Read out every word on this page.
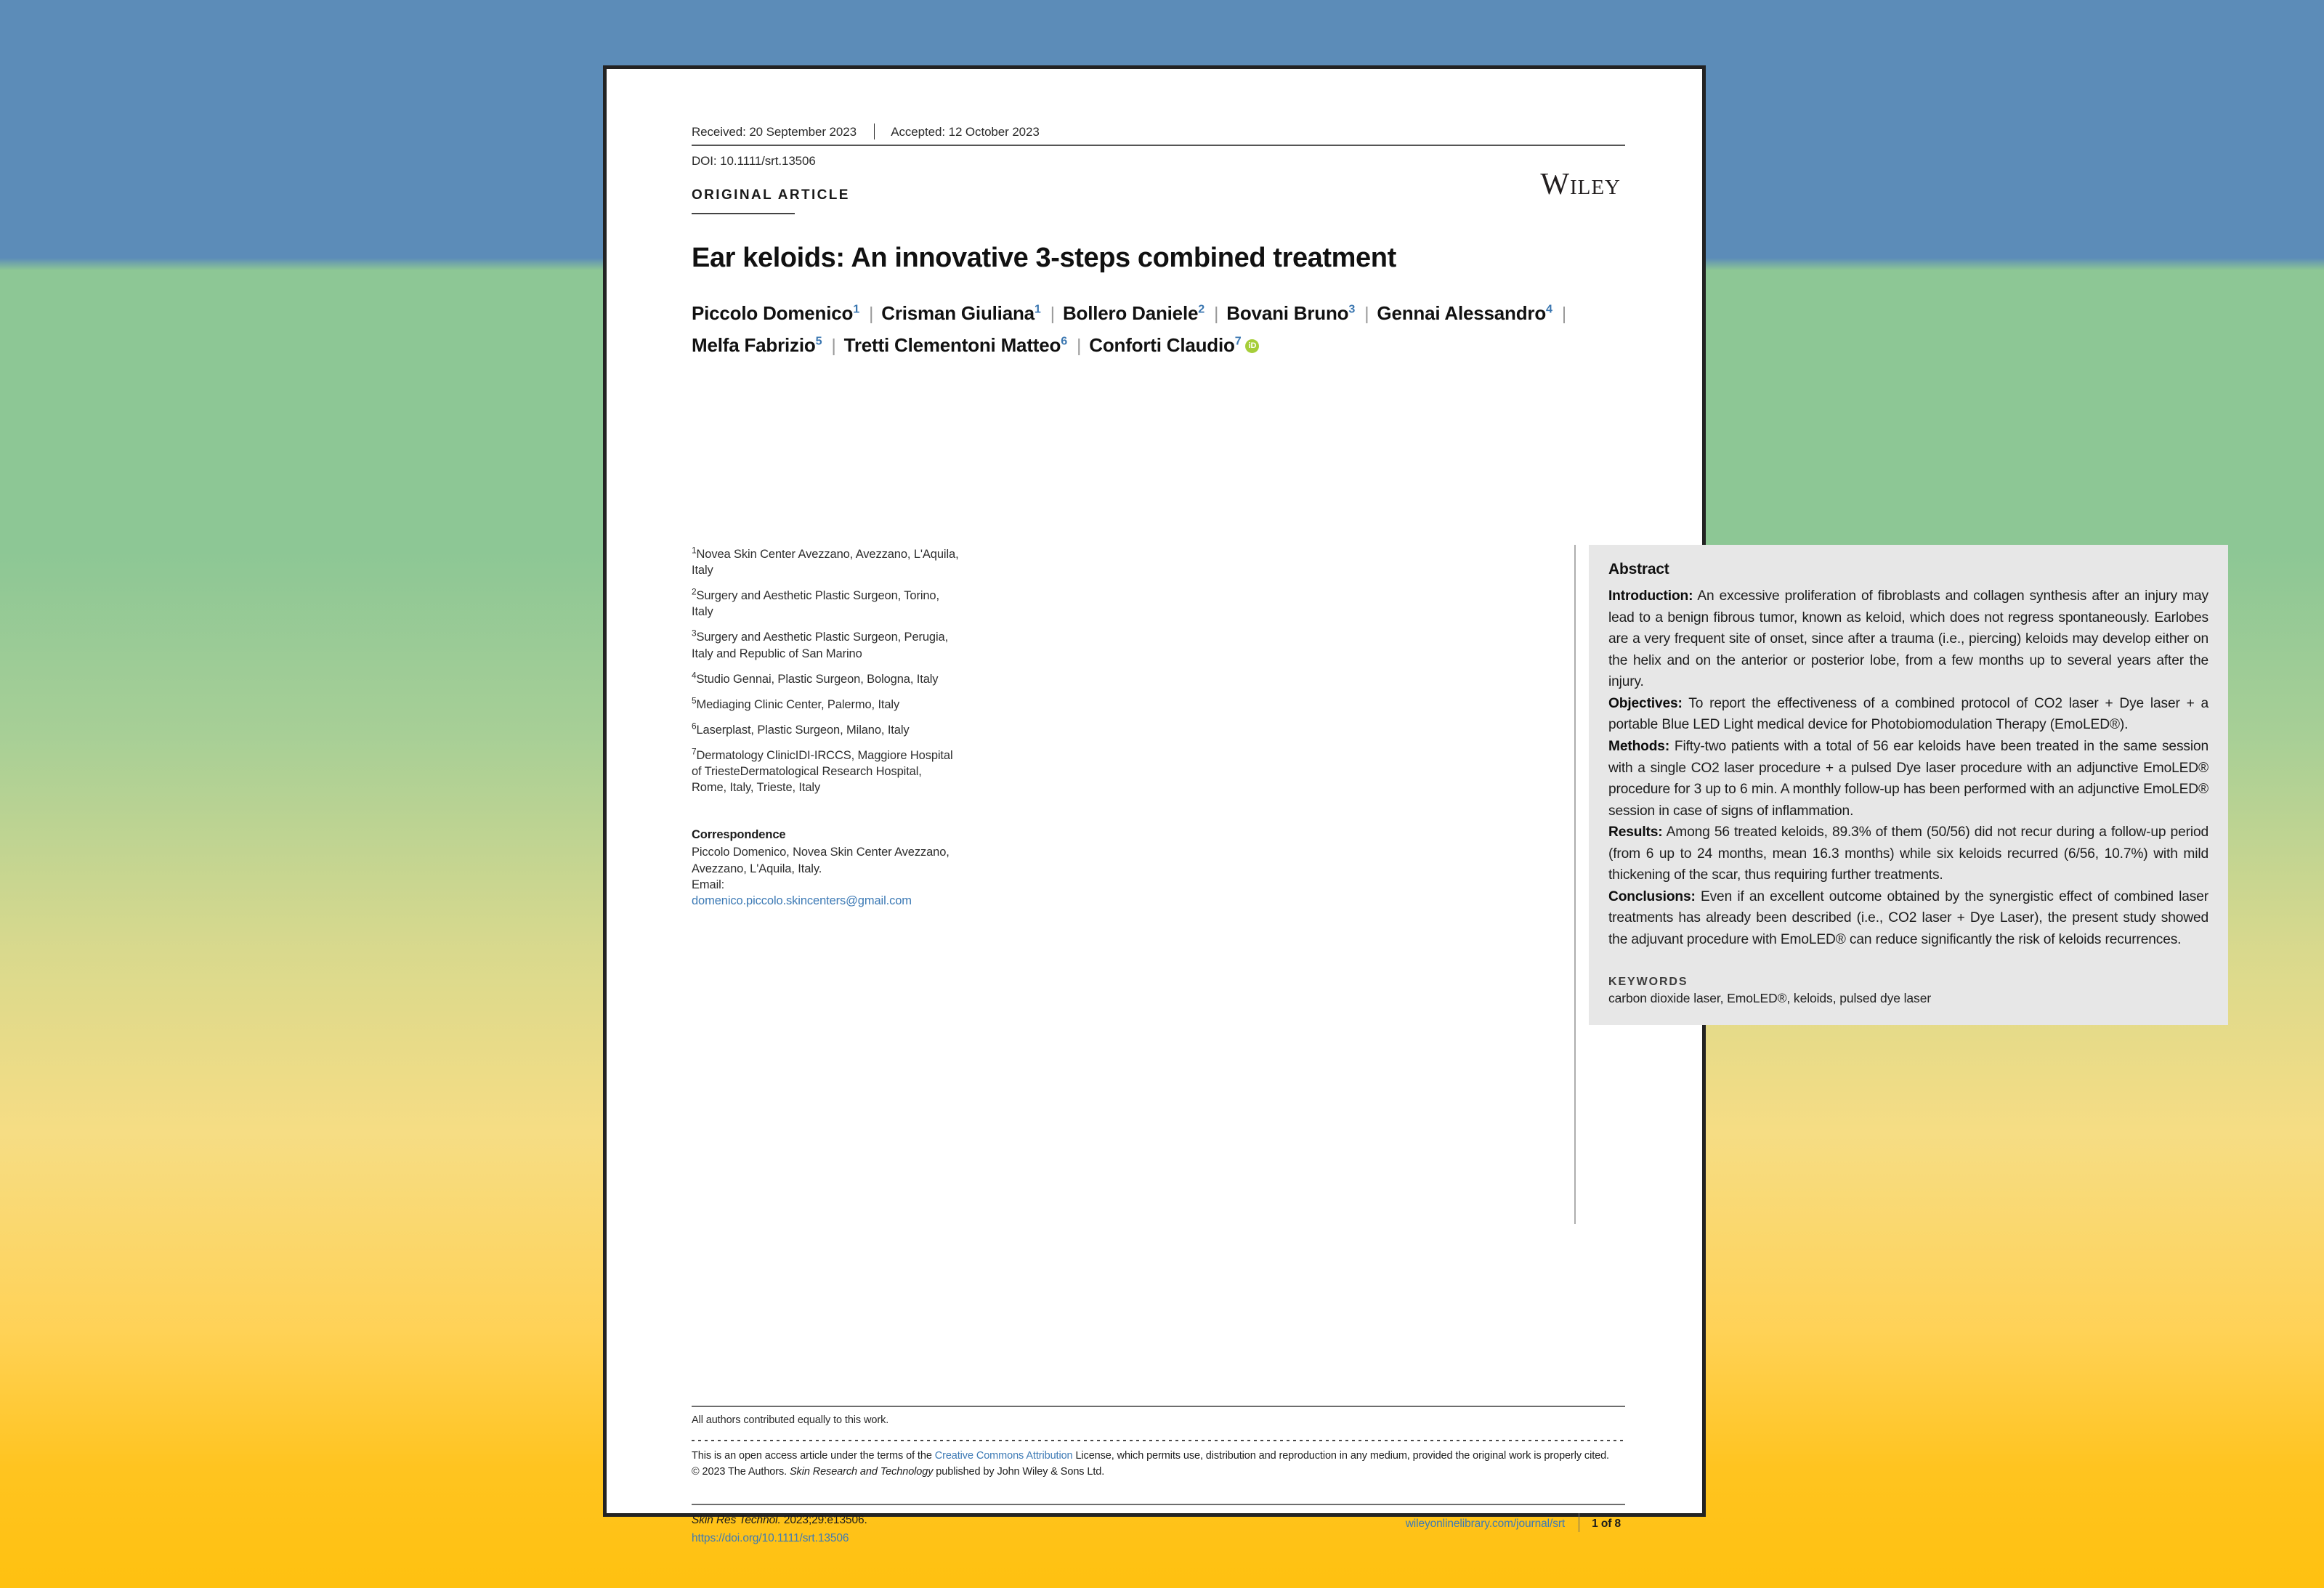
Received: 20 September 2023	Accepted: 12 October 2023
DOI: 10.1111/srt.13506
ORIGINAL ARTICLE	Wiley
Ear keloids: An innovative 3-steps combined treatment
Piccolo Domenico$^1$ | Crisman Giuliana$^1$ | Bollero Daniele$^2$ | Bovani Bruno$^3$ | Gennai Alessandro$^4$ |Melfa Fabrizio$^5$ | Tretti Clementoni Matteo$^6$ | Conforti Claudio$^7$iD
$^1$Novea Skin Center Avezzano, Avezzano, L'Aquila, Italy
$^2$Surgery and Aesthetic Plastic Surgeon, Torino, Italy
$^3$Surgery and Aesthetic Plastic Surgeon, Perugia, Italy and Republic of San Marino
$^4$Studio Gennai, Plastic Surgeon, Bologna, Italy
$^5$Mediaging Clinic Center, Palermo, Italy
$^6$Laserplast, Plastic Surgeon, Milano, Italy
$^7$Dermatology ClinicIDI-IRCCS, Maggiore Hospital of TriesteDermatological Research Hospital, Rome, Italy, Trieste, Italy
Correspondence
Piccolo Domenico, Novea Skin Center Avezzano, Avezzano, L'Aquila, Italy.
Email:
domenico.piccolo.skincenters@gmail.com
Abstract

Introduction: An excessive proliferation of fibroblasts and collagen synthesis after an injury may lead to a benign fibrous tumor, known as keloid, which does not regress spontaneously. Earlobes are a very frequent site of onset, since after a trauma (i.e., piercing) keloids may develop either on the helix and on the anterior or posterior lobe, from a few months up to several years after the injury.

Objectives: To report the effectiveness of a combined protocol of CO2 laser + Dye laser + a portable Blue LED Light medical device for Photobiomodulation Therapy (EmoLED®).

Methods: Fifty-two patients with a total of 56 ear keloids have been treated in the same session with a single CO2 laser procedure + a pulsed Dye laser procedure with an adjunctive EmoLED® procedure for 3 up to 6 min. A monthly follow-up has been performed with an adjunctive EmoLED® session in case of signs of inflammation.

Results: Among 56 treated keloids, 89.3% of them (50/56) did not recur during a follow-up period (from 6 up to 24 months, mean 16.3 months) while six keloids recurred (6/56, 10.7%) with mild thickening of the scar, thus requiring further treatments.

Conclusions: Even if an excellent outcome obtained by the synergistic effect of combined laser treatments has already been described (i.e., CO2 laser + Dye Laser), the present study showed the adjuvant procedure with EmoLED® can reduce significantly the risk of keloids recurrences.

KEYWORDS
carbon dioxide laser, EmoLED®, keloids, pulsed dye laser
All authors contributed equally to this work.
This is an open access article under the terms of the Creative Commons Attribution License, which permits use, distribution and reproduction in any medium, provided the original work is properly cited.
© 2023 The Authors. Skin Research and Technology published by John Wiley & Sons Ltd.
Skin Res Technol. 2023;29:e13506.
https://doi.org/10.1111/srt.13506
wileyonlinelibrary.com/journal/srt 1 of 8
